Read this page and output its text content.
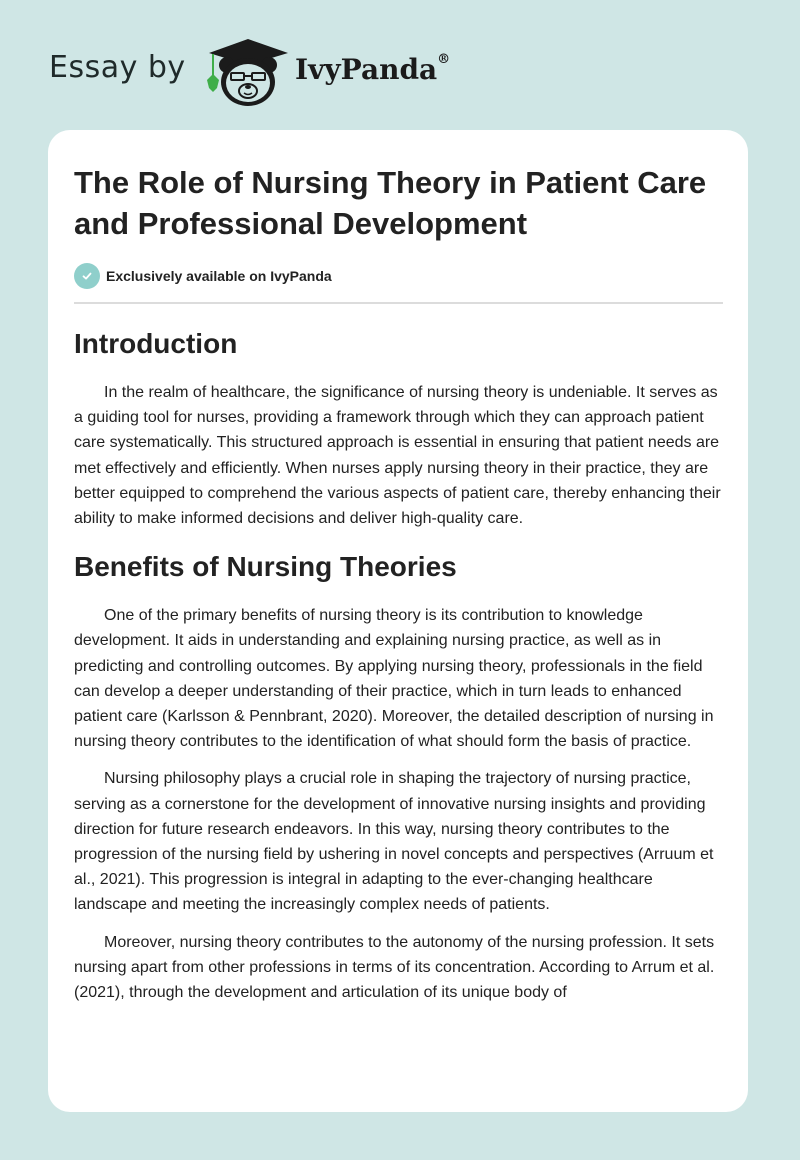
Essay by	IvyPanda®
The Role of Nursing Theory in Patient Care and Professional Development
Exclusively available on IvyPanda
Introduction

In the realm of healthcare, the significance of nursing theory is undeniable. It serves as a guiding tool for nurses, providing a framework through which they can approach patient care systematically. This structured approach is essential in ensuring that patient needs are met effectively and efficiently. When nurses apply nursing theory in their practice, they are better equipped to comprehend the various aspects of patient care, thereby enhancing their ability to make informed decisions and deliver high-quality care.

Benefits of Nursing Theories

One of the primary benefits of nursing theory is its contribution to knowledge development. It aids in understanding and explaining nursing practice, as well as in predicting and controlling outcomes. By applying nursing theory, professionals in the field can develop a deeper understanding of their practice, which in turn leads to enhanced patient care (Karlsson & Pennbrant, 2020). Moreover, the detailed description of nursing in nursing theory contributes to the identification of what should form the basis of practice.

Nursing philosophy plays a crucial role in shaping the trajectory of nursing practice, serving as a cornerstone for the development of innovative nursing insights and providing direction for future research endeavors. In this way, nursing theory contributes to the progression of the nursing field by ushering in novel concepts and perspectives (Arruum et al., 2021). This progression is integral in adapting to the ever-changing healthcare landscape and meeting the increasingly complex needs of patients.

Moreover, nursing theory contributes to the autonomy of the nursing profession. It sets nursing apart from other professions in terms of its concentration. According to Arrum et al. (2021), through the development and articulation of its unique body of
